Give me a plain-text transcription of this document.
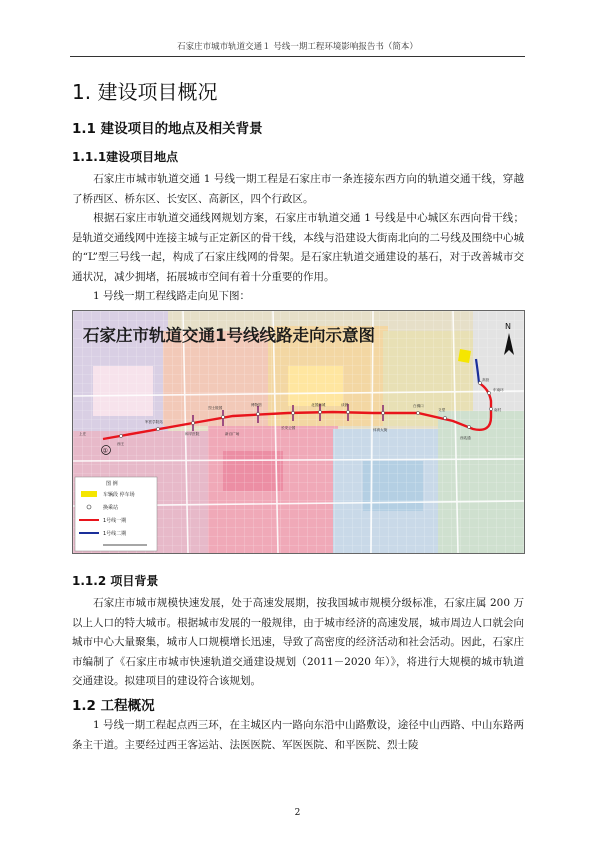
石家庄市城市轨道交通１ 号线一期工程环境影响报告书（简本）
1. 建设项目概况
1.1 建设项目的地点及相关背景
1.1.1建设项目地点
石家庄市城市轨道交通 1 号线一期工程是石家庄市一条连接东西方向的轨道交通干线，穿越了桥西区、桥东区、长安区、高新区，四个行政区。
根据石家庄市轨道交通线网规划方案，石家庄市轨道交通 1 号线是中心城区东西向骨干线；是轨道交通线网中连接主城与正定新区的骨干线，本线与沿建设大街南北向的二号线及围绕中心城的“L”型三号线一起，构成了石家庄线网的骨架。是石家庄轨道交通建设的基石，对于改善城市交通状况，减少拥堵，拓展城市空间有着十分重要的作用。
1 号线一期工程线路走向见下图：
石家庄市轨道交通1号线线路走向示意图	N
西王
军医学院站
和平医院	新百广场
烈士陵园
博物馆
长安公园
北国商城	谈固
体育大街
白佛口
义堂
西兆通
南村
东南环
高营
上庄
①
图 例
车辆段 停车场
换乘站
1号线一期
1号线二期
1.1.2 项目背景
石家庄市城市规模快速发展，处于高速发展期，按我国城市规模分级标准，石家庄属 200 万以上人口的特大城市。根据城市发展的一般规律，由于城市经济的高速发展，城市周边人口就会向城市中心大量聚集，城市人口规模增长迅速，导致了高密度的经济活动和社会活动。因此，石家庄市编制了《石家庄市城市快速轨道交通建设规划（2011－2020 年）》，将进行大规模的城市轨道交通建设。拟建项目的建设符合该规划。
1.2 工程概况
1 号线一期工程起点西三环，在主城区内一路向东沿中山路敷设，途径中山西路、中山东路两条主干道。主要经过西王客运站、法医医院、军医医院、和平医院、烈士陵
2
